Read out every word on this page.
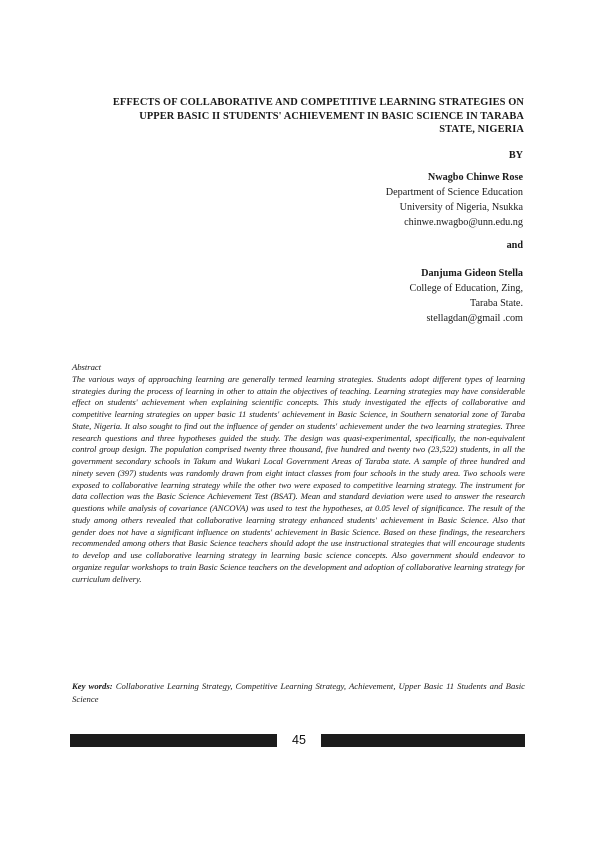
EFFECTS OF COLLABORATIVE AND COMPETITIVE LEARNING STRATEGIES ON
UPPER BASIC II STUDENTS' ACHIEVEMENT IN BASIC SCIENCE IN TARABA
STATE, NIGERIA
BY
Nwagbo Chinwe Rose
Department of Science Education
University of Nigeria, Nsukka
chinwe.nwagbo@unn.edu.ng
and
Danjuma Gideon Stella
College of Education, Zing,
Taraba State.
stellagdan@gmail .com
Abstract
The various ways of approaching learning are generally termed learning strategies. Students adopt different types of learning strategies during the process of learning in other to attain the objectives of teaching. Learning strategies may have considerable effect on students' achievement when explaining scientific concepts. This study investigated the effects of collaborative and competitive learning strategies on upper basic 11 students' achievement in Basic Science, in Southern senatorial zone of Taraba State, Nigeria. It also sought to find out the influence of gender on students' achievement under the two learning strategies. Three research questions and three hypotheses guided the study. The design was quasi-experimental, specifically, the non-equivalent control group design. The population comprised twenty three thousand, five hundred and twenty two (23,522) students, in all the government secondary schools in Takum and Wukari Local Government Areas of Taraba state. A sample of three hundred and ninety seven (397) students was randomly drawn from eight intact classes from four schools in the study area. Two schools were exposed to collaborative learning strategy while the other two were exposed to competitive learning strategy. The instrument for data collection was the Basic Science Achievement Test (BSAT). Mean and standard deviation were used to answer the research questions while analysis of covariance (ANCOVA) was used to test the hypotheses, at 0.05 level of significance. The result of the study among others revealed that collaborative learning strategy enhanced students' achievement in Basic Science. Also that gender does not have a significant influence on students' achievement in Basic Science. Based on these findings, the researchers recommended among others that Basic Science teachers should adopt the use instructional strategies that will encourage students to develop and use collaborative learning strategy in learning basic science concepts. Also government should endeavor to organize regular workshops to train Basic Science teachers on the development and adoption of collaborative learning strategy for curriculum delivery.
Key words: Collaborative Learning Strategy, Competitive Learning Strategy, Achievement, Upper Basic 11 Students and Basic Science
45
